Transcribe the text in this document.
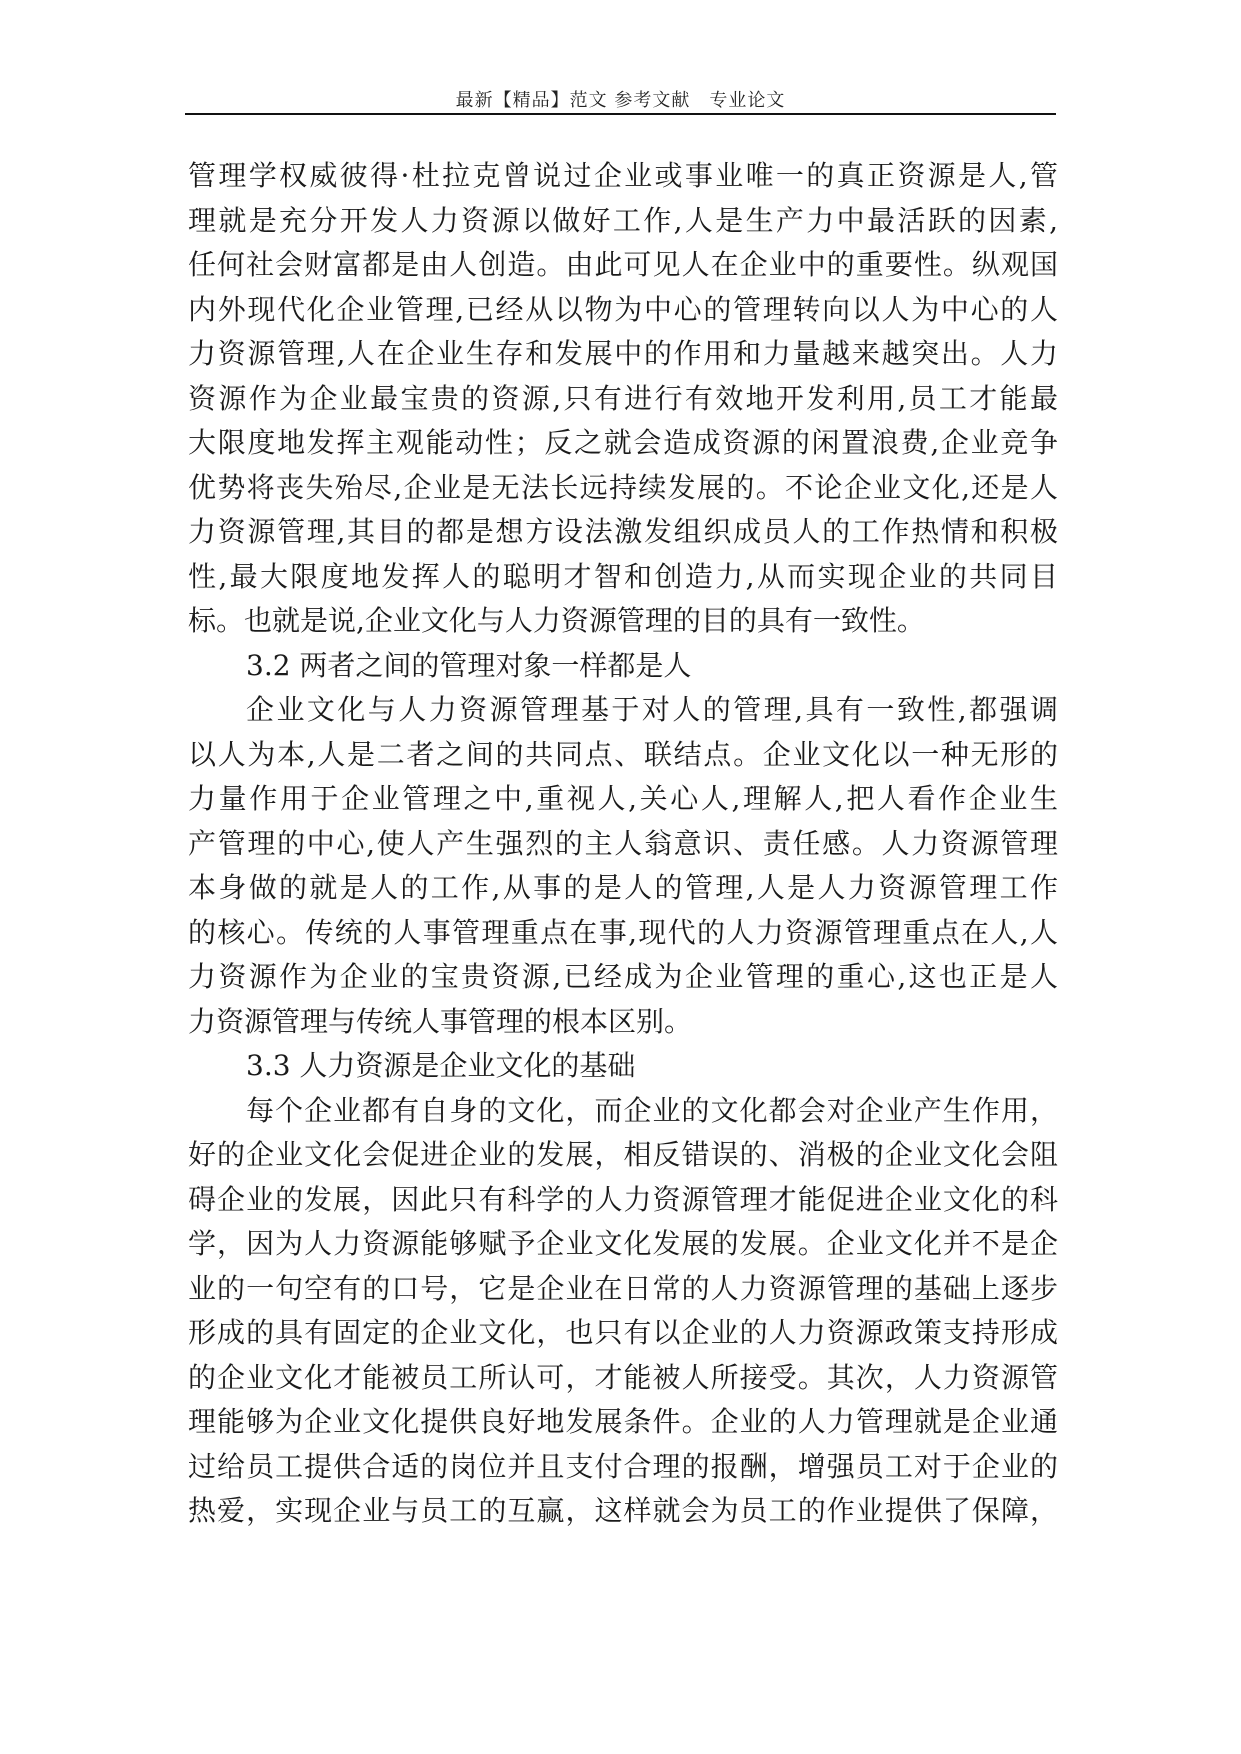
最新【精品】范文 参考文献　专业论文
管理学权威彼得·杜拉克曾说过企业或事业唯一的真正资源是人,管
理就是充分开发人力资源以做好工作,人是生产力中最活跃的因素,
任何社会财富都是由人创造。由此可见人在企业中的重要性。纵观国
内外现代化企业管理,已经从以物为中心的管理转向以人为中心的人
力资源管理,人在企业生存和发展中的作用和力量越来越突出。人力
资源作为企业最宝贵的资源,只有进行有效地开发利用,员工才能最
大限度地发挥主观能动性；反之就会造成资源的闲置浪费,企业竞争
优势将丧失殆尽,企业是无法长远持续发展的。不论企业文化,还是人
力资源管理,其目的都是想方设法激发组织成员人的工作热情和积极
性,最大限度地发挥人的聪明才智和创造力,从而实现企业的共同目
标。也就是说,企业文化与人力资源管理的目的具有一致性。
3.2 两者之间的管理对象一样都是人
企业文化与人力资源管理基于对人的管理,具有一致性,都强调
以人为本,人是二者之间的共同点、联结点。企业文化以一种无形的
力量作用于企业管理之中,重视人,关心人,理解人,把人看作企业生
产管理的中心,使人产生强烈的主人翁意识、责任感。人力资源管理
本身做的就是人的工作,从事的是人的管理,人是人力资源管理工作
的核心。传统的人事管理重点在事,现代的人力资源管理重点在人,人
力资源作为企业的宝贵资源,已经成为企业管理的重心,这也正是人
力资源管理与传统人事管理的根本区别。
3.3 人力资源是企业文化的基础
每个企业都有自身的文化，而企业的文化都会对企业产生作用，
好的企业文化会促进企业的发展，相反错误的、消极的企业文化会阻
碍企业的发展，因此只有科学的人力资源管理才能促进企业文化的科
学，因为人力资源能够赋予企业文化发展的发展。企业文化并不是企
业的一句空有的口号，它是企业在日常的人力资源管理的基础上逐步
形成的具有固定的企业文化，也只有以企业的人力资源政策支持形成
的企业文化才能被员工所认可，才能被人所接受。其次，人力资源管
理能够为企业文化提供良好地发展条件。企业的人力管理就是企业通
过给员工提供合适的岗位并且支付合理的报酬，增强员工对于企业的
热爱，实现企业与员工的互赢，这样就会为员工的作业提供了保障，
